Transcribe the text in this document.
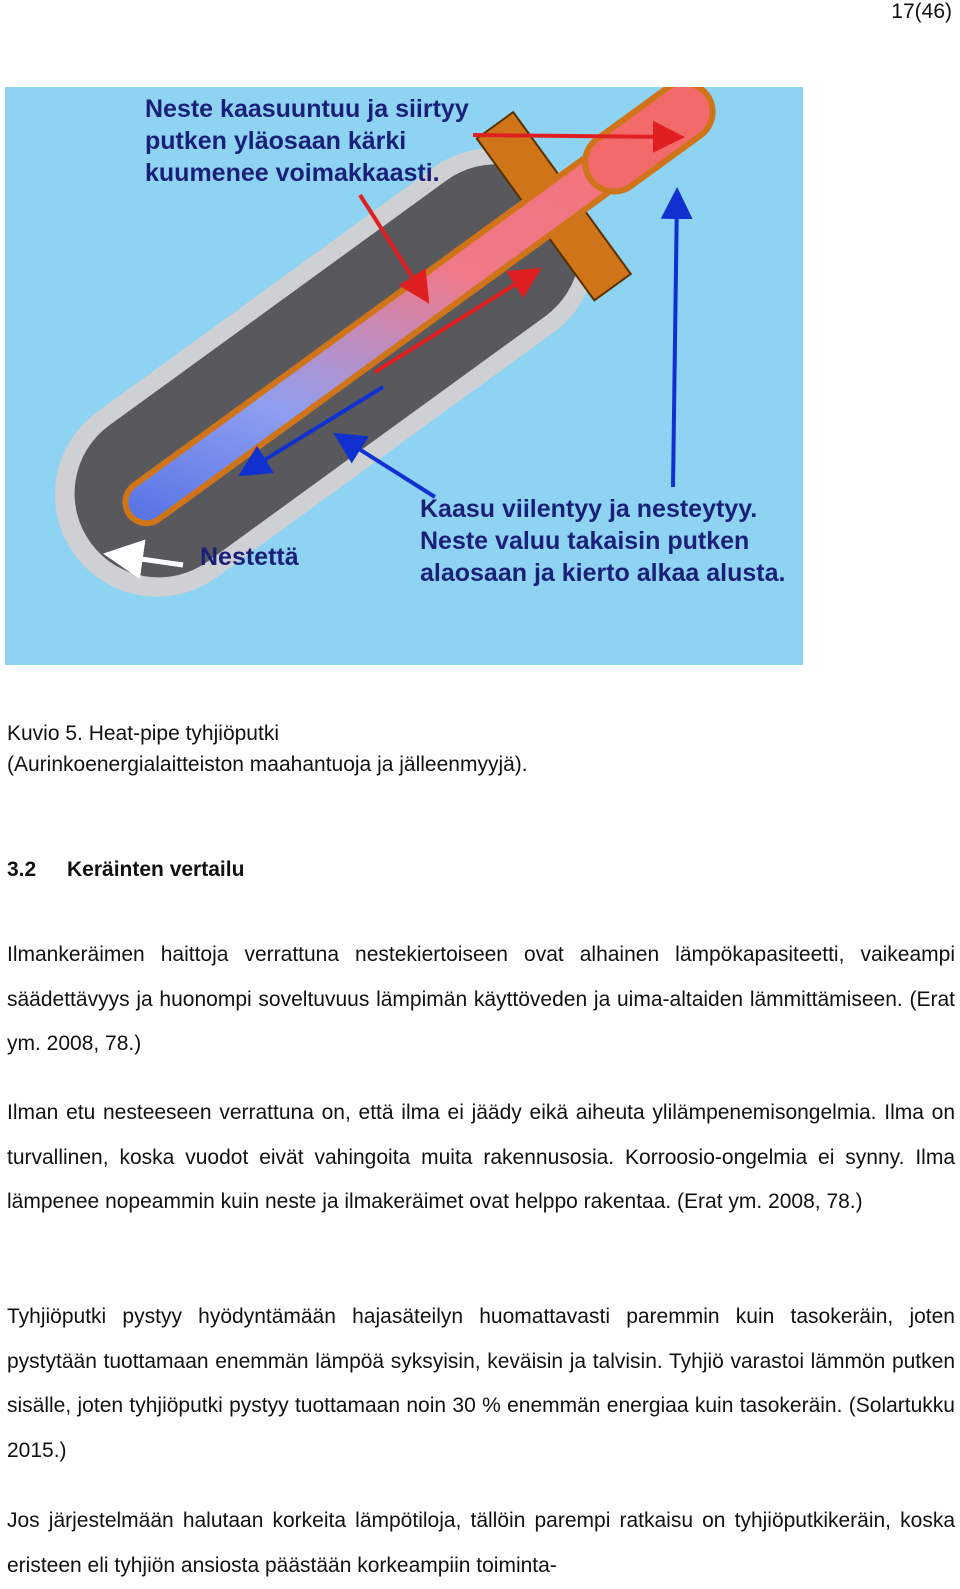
17(46)
Neste kaasuuntuu ja siirtyy putken yläosaan kärki kuumenee voimakkaasti.
Kaasu viilentyy ja nesteytyy. Neste valuu takaisin putken alaosaan ja kierto alkaa alusta.
Nestettä
Kuvio 5. Heat-pipe tyhjiöputki
(Aurinkoenergialaitteiston maahantuoja ja jälleenmyyjä).
3.2 Keräinten vertailu

Ilmankeräimen haittoja verrattuna nestekiertoiseen ovat alhainen lämpökapasiteetti, vaikeampi säädettävyys ja huonompi soveltuvuus lämpimän käyttöveden ja uima-altaiden lämmittämiseen. (Erat ym. 2008, 78.)

Ilman etu nesteeseen verrattuna on, että ilma ei jäädy eikä aiheuta ylilämpenemisongelmia. Ilma on turvallinen, koska vuodot eivät vahingoita muita rakennusosia. Korroosio-ongelmia ei synny. Ilma lämpenee nopeammin kuin neste ja ilmakeräimet ovat helppo rakentaa. (Erat ym. 2008, 78.)

Tyhjiöputki pystyy hyödyntämään hajasäteilyn huomattavasti paremmin kuin tasokeräin, joten pystytään tuottamaan enemmän lämpöä syksyisin, keväisin ja talvisin. Tyhjiö varastoi lämmön putken sisälle, joten tyhjiöputki pystyy tuottamaan noin 30 % enemmän energiaa kuin tasokeräin. (Solartukku 2015.)

Jos järjestelmään halutaan korkeita lämpötiloja, tällöin parempi ratkaisu on tyhjiöputkikeräin, koska eristeen eli tyhjiön ansiosta päästään korkeampiin toiminta-
